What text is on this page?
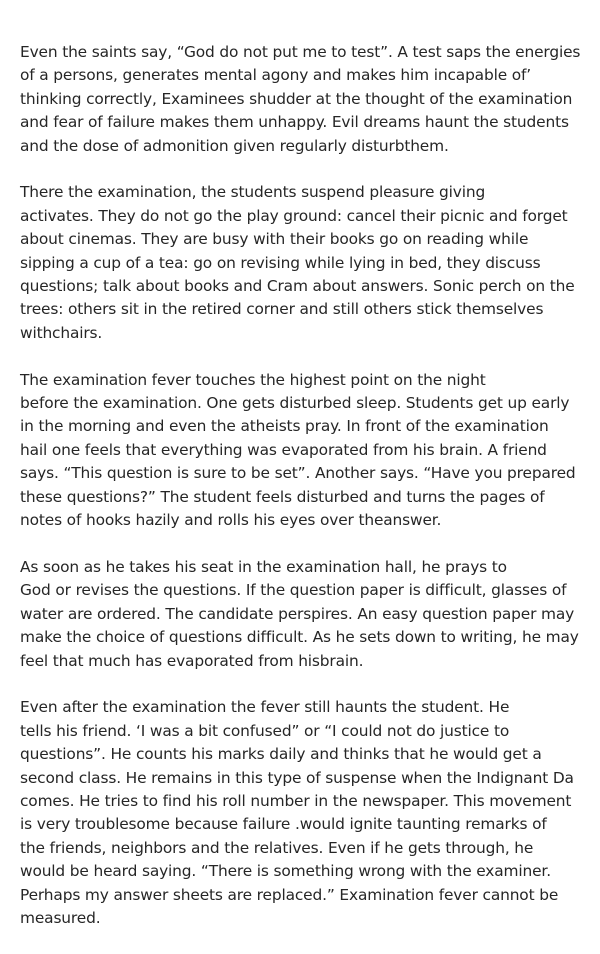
Even the saints say, “God do not put me to test”. A test saps the energies
of a persons, generates mental agony and makes him incapable of’
thinking correctly, Examinees shudder at the thought of the examination
and fear of failure makes them unhappy. Evil dreams haunt the students
and the dose of admonition given regularly disturbthem.

There the examination, the students suspend pleasure giving
activates. They do not go the play ground: cancel their picnic and forget
about cinemas. They are busy with their books go on reading while
sipping a cup of a tea: go on revising while lying in bed, they discuss
questions; talk about books and Cram about answers. Sonic perch on the
trees: others sit in the retired corner and still others stick themselves
withchairs.

The examination fever touches the highest point on the night
before the examination. One gets disturbed sleep. Students get up early
in the morning and even the atheists pray. In front of the examination
hail one feels that everything was evaporated from his brain. A friend
says. “This question is sure to be set”. Another says. “Have you prepared
these questions?” The student feels disturbed and turns the pages of
notes of hooks hazily and rolls his eyes over theanswer.

As soon as he takes his seat in the examination hall, he prays to
God or revises the questions. If the question paper is difficult, glasses of
water are ordered. The candidate perspires. An easy question paper may
make the choice of questions difficult. As he sets down to writing, he may
feel that much has evaporated from hisbrain.

Even after the examination the fever still haunts the student. He
tells his friend. ‘I was a bit confused” or “I could not do justice to
questions”. He counts his marks daily and thinks that he would get a
second class. He remains in this type of suspense when the Indignant Da
comes. He tries to find his roll number in the newspaper. This movement
is very troublesome because failure .would ignite taunting remarks of
the friends, neighbors and the relatives. Even if he gets through, he
would be heard saying. “There is something wrong with the examiner.
Perhaps my answer sheets are replaced.” Examination fever cannot be
measured.
